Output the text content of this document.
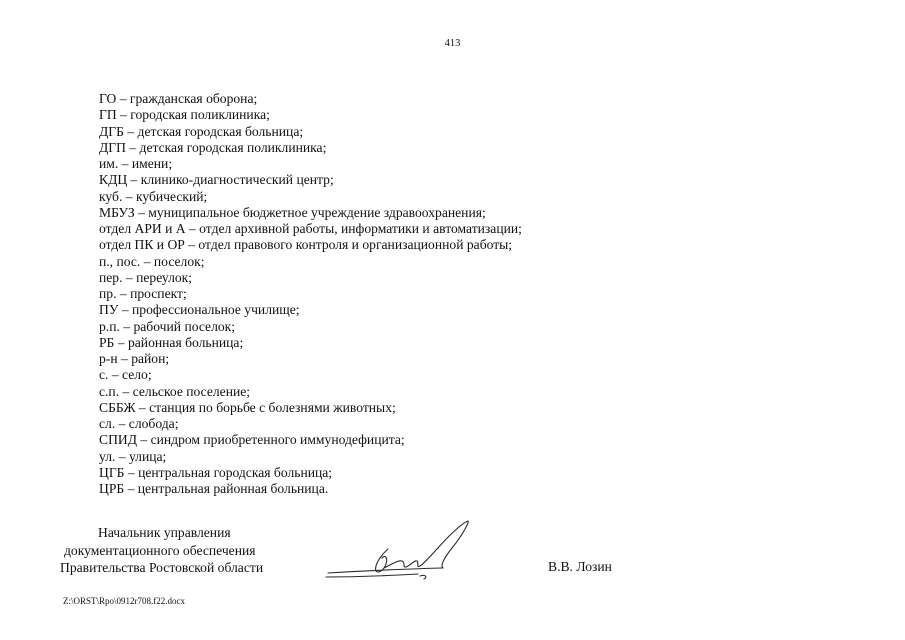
413
ГО – гражданская оборона;
ГП – городская поликлиника;
ДГБ – детская городская больница;
ДГП – детская городская поликлиника;
им. – имени;
КДЦ – клинико-диагностический центр;
куб. – кубический;
МБУЗ – муниципальное бюджетное учреждение здравоохранения;
отдел АРИ и А – отдел архивной работы, информатики и автоматизации;
отдел ПК и ОР – отдел правового контроля и организационной работы;
п., пос. – поселок;
пер. – переулок;
пр. – проспект;
ПУ – профессиональное училище;
р.п. – рабочий поселок;
РБ – районная больница;
р-н – район;
с. – село;
с.п. – сельское поселение;
СББЖ – станция по борьбе с болезнями животных;
сл. – слобода;
СПИД – синдром приобретенного иммунодефицита;
ул. – улица;
ЦГБ – центральная городская больница;
ЦРБ – центральная районная больница.
Начальник управления
документационного обеспечения
Правительства Ростовской области	В.В. Лозин
Z:\ORST\Rpo\0912r708.f22.docx
